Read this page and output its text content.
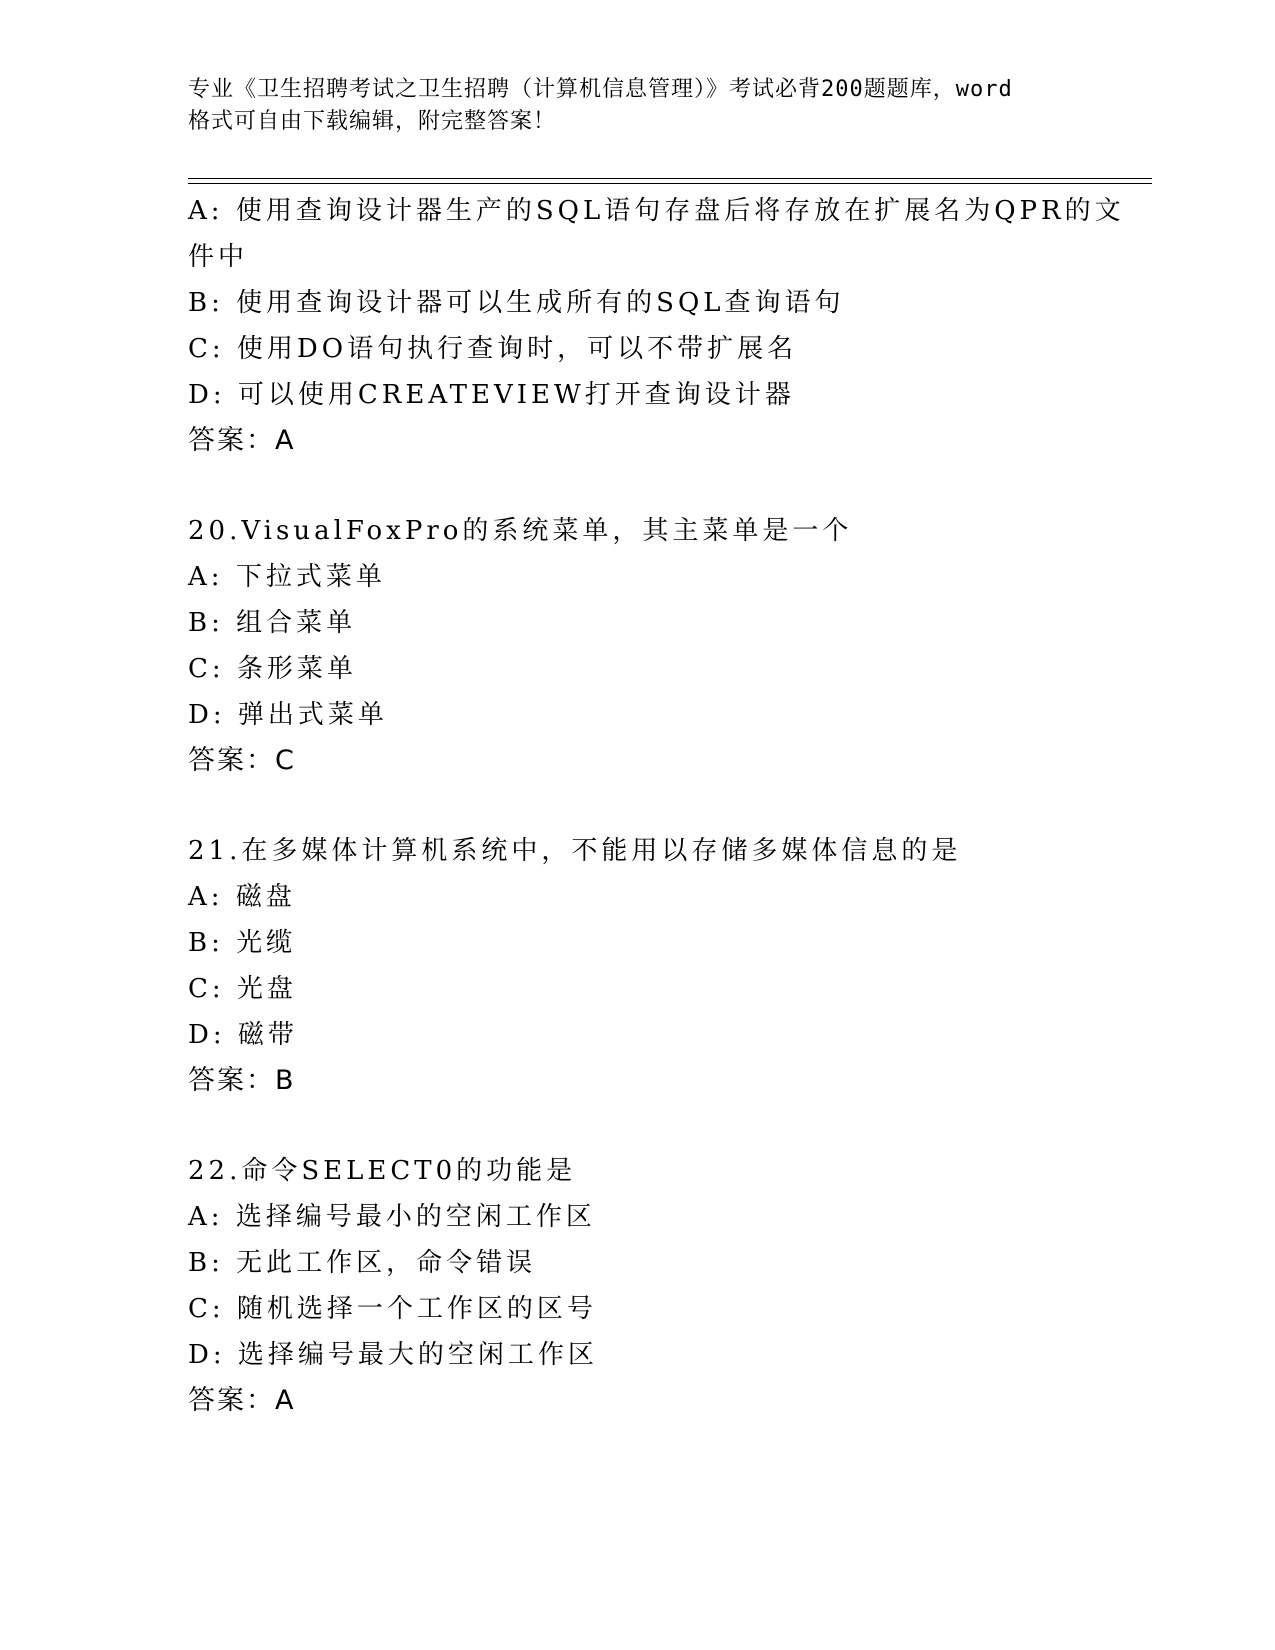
专业《卫生招聘考试之卫生招聘（计算机信息管理）》考试必背200题题库，word
格式可自由下载编辑，附完整答案！
A: 使用查询设计器生产的SQL语句存盘后将存放在扩展名为QPR的文
件中
B: 使用查询设计器可以生成所有的SQL查询语句
C: 使用DO语句执行查询时，可以不带扩展名
D: 可以使用CREATEVIEW打开查询设计器
答案：A
20.VisualFoxPro的系统菜单，其主菜单是一个
A: 下拉式菜单
B: 组合菜单
C: 条形菜单
D: 弹出式菜单
答案：C
21.在多媒体计算机系统中，不能用以存储多媒体信息的是
A: 磁盘
B: 光缆
C: 光盘
D: 磁带
答案：B
22.命令SELECT0的功能是
A: 选择编号最小的空闲工作区
B: 无此工作区，命令错误
C: 随机选择一个工作区的区号
D: 选择编号最大的空闲工作区
答案：A
